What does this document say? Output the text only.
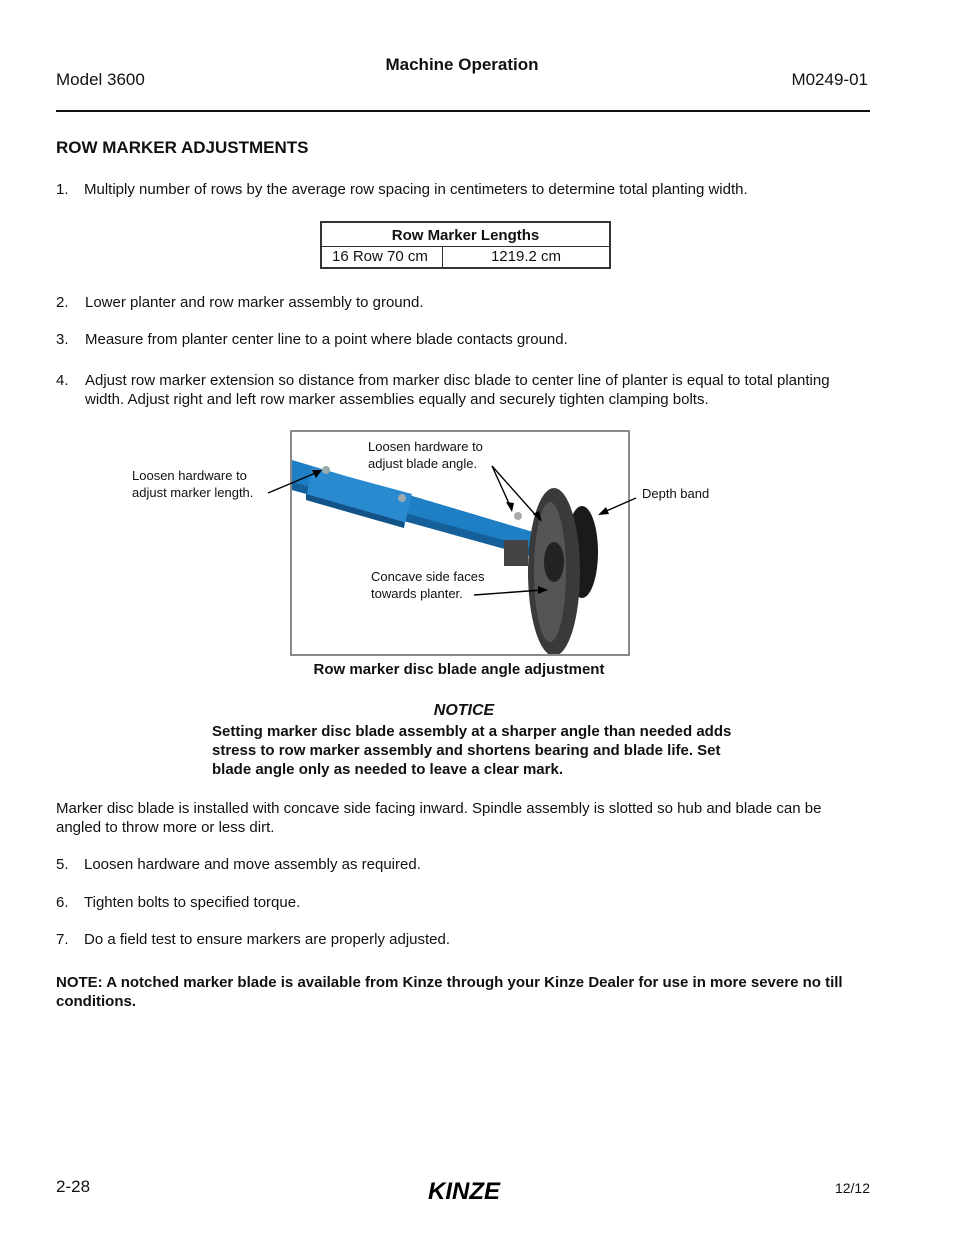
Model 3600
Machine Operation
M0249-01
ROW MARKER ADJUSTMENTS
1.	Multiply number of rows by the average row spacing in centimeters to determine total planting width.
Row Marker Lengths
16 Row 70 cm	1219.2 cm
2.	Lower planter and row marker assembly to ground.
3.	Measure from planter center line to a point where blade contacts ground.
4.	Adjust row marker extension so distance from marker disc blade to center line of planter is equal to total planting width. Adjust right and left row marker assemblies equally and securely tighten clamping bolts.
Loosen hardware to adjust marker length.
Loosen hardware to adjust blade angle.
Depth band
Concave side faces towards planter.
Row marker disc blade angle adjustment
NOTICE
Setting marker disc blade assembly at a sharper angle than needed adds stress to row marker assembly and shortens bearing and blade life. Set blade angle only as needed to leave a clear mark.
Marker disc blade is installed with concave side facing inward. Spindle assembly is slotted so hub and blade can be angled to throw more or less dirt.
5.	Loosen hardware and move assembly as required.
6.	Tighten bolts to specified torque.
7.	Do a field test to ensure markers are properly adjusted.
NOTE: A notched marker blade is available from Kinze through your Kinze Dealer for use in more severe no till conditions.
2-28	KINZE	12/12
